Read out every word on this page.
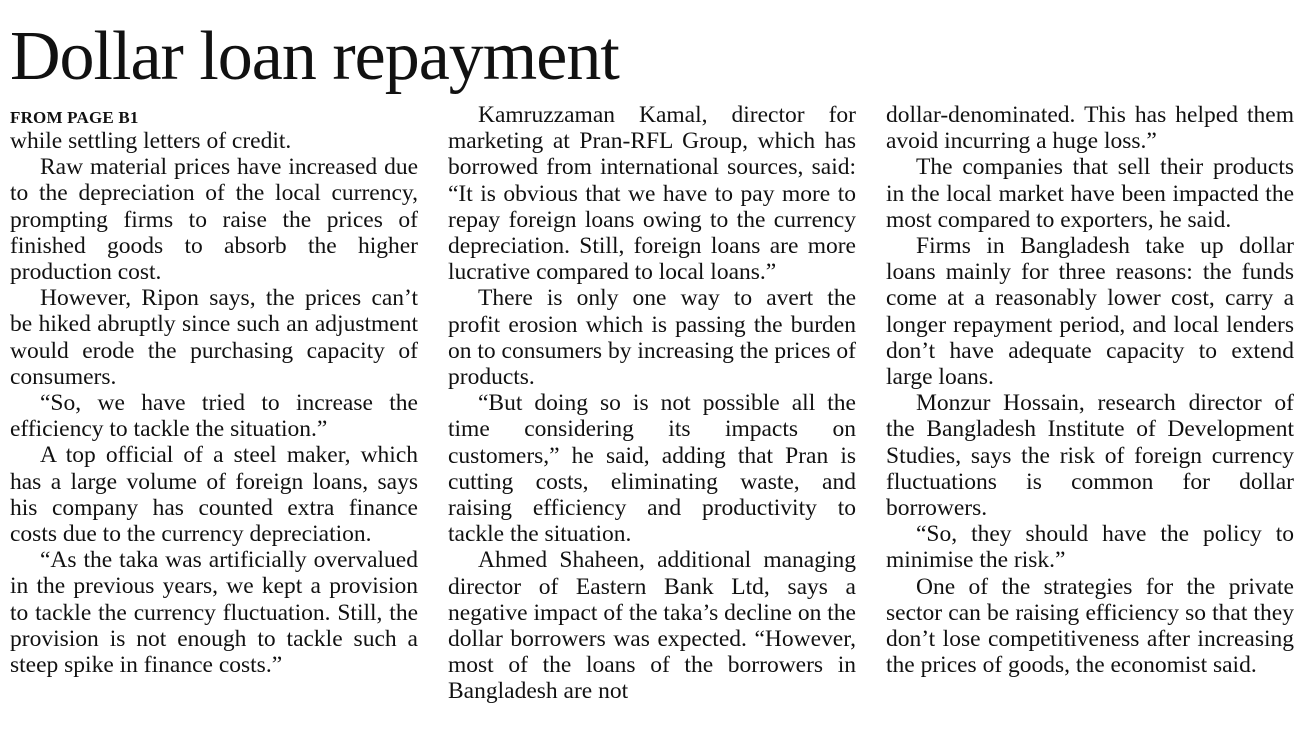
Dollar loan repayment
FROM PAGE B1

while settling letters of credit.

Raw material prices have increased due to the depreciation of the local currency, prompting firms to raise the prices of finished goods to absorb the higher production cost.

However, Ripon says, the prices can’t be hiked abruptly since such an adjustment would erode the purchasing capacity of consumers.

“So, we have tried to increase the efficiency to tackle the situation.”

A top official of a steel maker, which has a large volume of foreign loans, says his company has counted extra finance costs due to the currency depreciation.

“As the taka was artificially overvalued in the previous years, we kept a provision to tackle the currency fluctuation. Still, the provision is not enough to tackle such a steep spike in finance costs.”

Kamruzzaman Kamal, director for marketing at Pran-RFL Group, which has borrowed from international sources, said: “It is obvious that we have to pay more to repay foreign loans owing to the currency depreciation. Still, foreign loans are more lucrative compared to local loans.”

There is only one way to avert the profit erosion which is passing the burden on to consumers by increasing the prices of products.

“But doing so is not possible all the time considering its impacts on customers,” he said, adding that Pran is cutting costs, eliminating waste, and raising efficiency and productivity to tackle the situation.

Ahmed Shaheen, additional managing director of Eastern Bank Ltd, says a negative impact of the taka’s decline on the dollar borrowers was expected. “However, most of the loans of the borrowers in Bangladesh are not

dollar-denominated. This has helped them avoid incurring a huge loss.”

The companies that sell their products in the local market have been impacted the most compared to exporters, he said.

Firms in Bangladesh take up dollar loans mainly for three reasons: the funds come at a reasonably lower cost, carry a longer repayment period, and local lenders don’t have adequate capacity to extend large loans.

Monzur Hossain, research director of the Bangladesh Institute of Development Studies, says the risk of foreign currency fluctuations is common for dollar borrowers.

“So, they should have the policy to minimise the risk.”

One of the strategies for the private sector can be raising efficiency so that they don’t lose competitiveness after increasing the prices of goods, the economist said.
